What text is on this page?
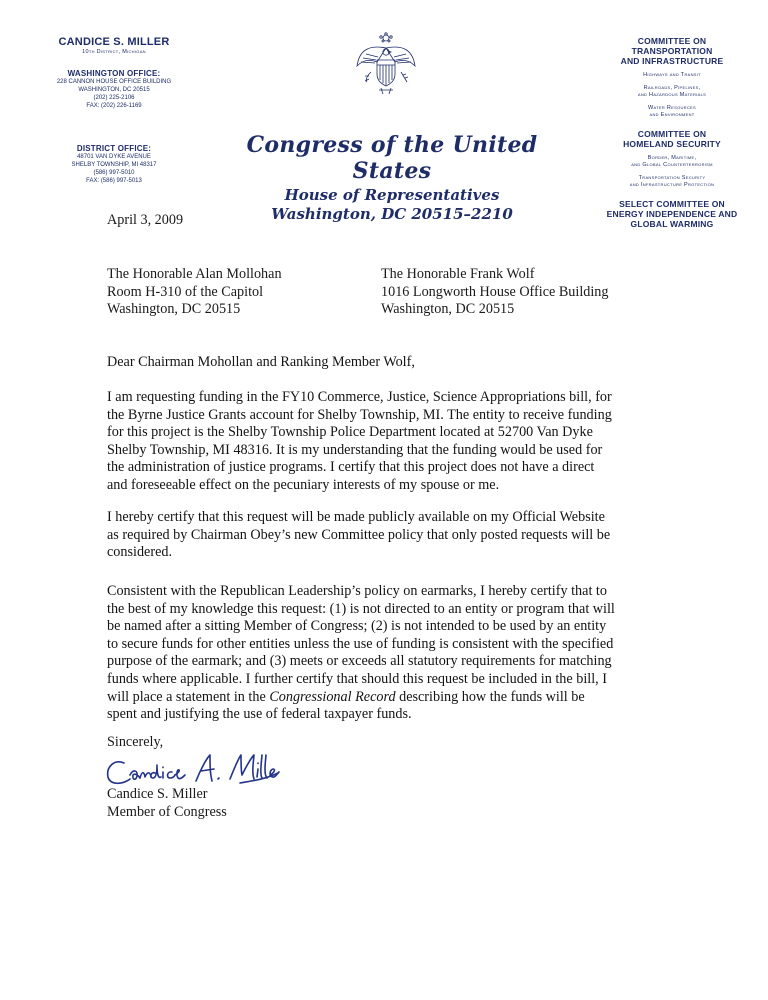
CANDICE S. MILLER
10th District, Michigan
WASHINGTON OFFICE:
228 CANNON HOUSE OFFICE BUILDING
WASHINGTON, DC 20515
(202) 225-2106
FAX: (202) 226-1169
DISTRICT OFFICE:
48701 VAN DYKE AVENUE
SHELBY TOWNSHIP, MI 48317
(586) 997-5010
FAX: (586) 997-5013
Congress of the United States
House of Representatives
Washington, DC 20515–2210
COMMITTEE ON
TRANSPORTATION
AND INFRASTRUCTURE
Highways and Transit
Railroads, Pipelines,
and Hazardous Materials
Water Resources
and Environment
COMMITTEE ON
HOMELAND SECURITY
Border, Maritime,
and Global Counterterrorism
Transportation Security
and Infrastructure Protection
SELECT COMMITTEE ON
ENERGY INDEPENDENCE AND
GLOBAL WARMING
April 3, 2009
The Honorable Alan Mollohan
Room H-310 of the Capitol
Washington, DC 20515
The Honorable Frank Wolf
1016 Longworth House Office Building
Washington, DC 20515
Dear Chairman Mohollan and Ranking Member Wolf,
I am requesting funding in the FY10 Commerce, Justice, Science Appropriations bill, for
the Byrne Justice Grants account for Shelby Township, MI. The entity to receive funding
for this project is the Shelby Township Police Department located at 52700 Van Dyke
Shelby Township, MI 48316. It is my understanding that the funding would be used for
the administration of justice programs. I certify that this project does not have a direct
and foreseeable effect on the pecuniary interests of my spouse or me.
I hereby certify that this request will be made publicly available on my Official Website
as required by Chairman Obey’s new Committee policy that only posted requests will be
considered.
Consistent with the Republican Leadership’s policy on earmarks, I hereby certify that to
the best of my knowledge this request: (1) is not directed to an entity or program that will
be named after a sitting Member of Congress; (2) is not intended to be used by an entity
to secure funds for other entities unless the use of funding is consistent with the specified
purpose of the earmark; and (3) meets or exceeds all statutory requirements for matching
funds where applicable. I further certify that should this request be included in the bill, I
will place a statement in the Congressional Record describing how the funds will be
spent and justifying the use of federal taxpayer funds.
Sincerely,
Candice S. Miller
Member of Congress
